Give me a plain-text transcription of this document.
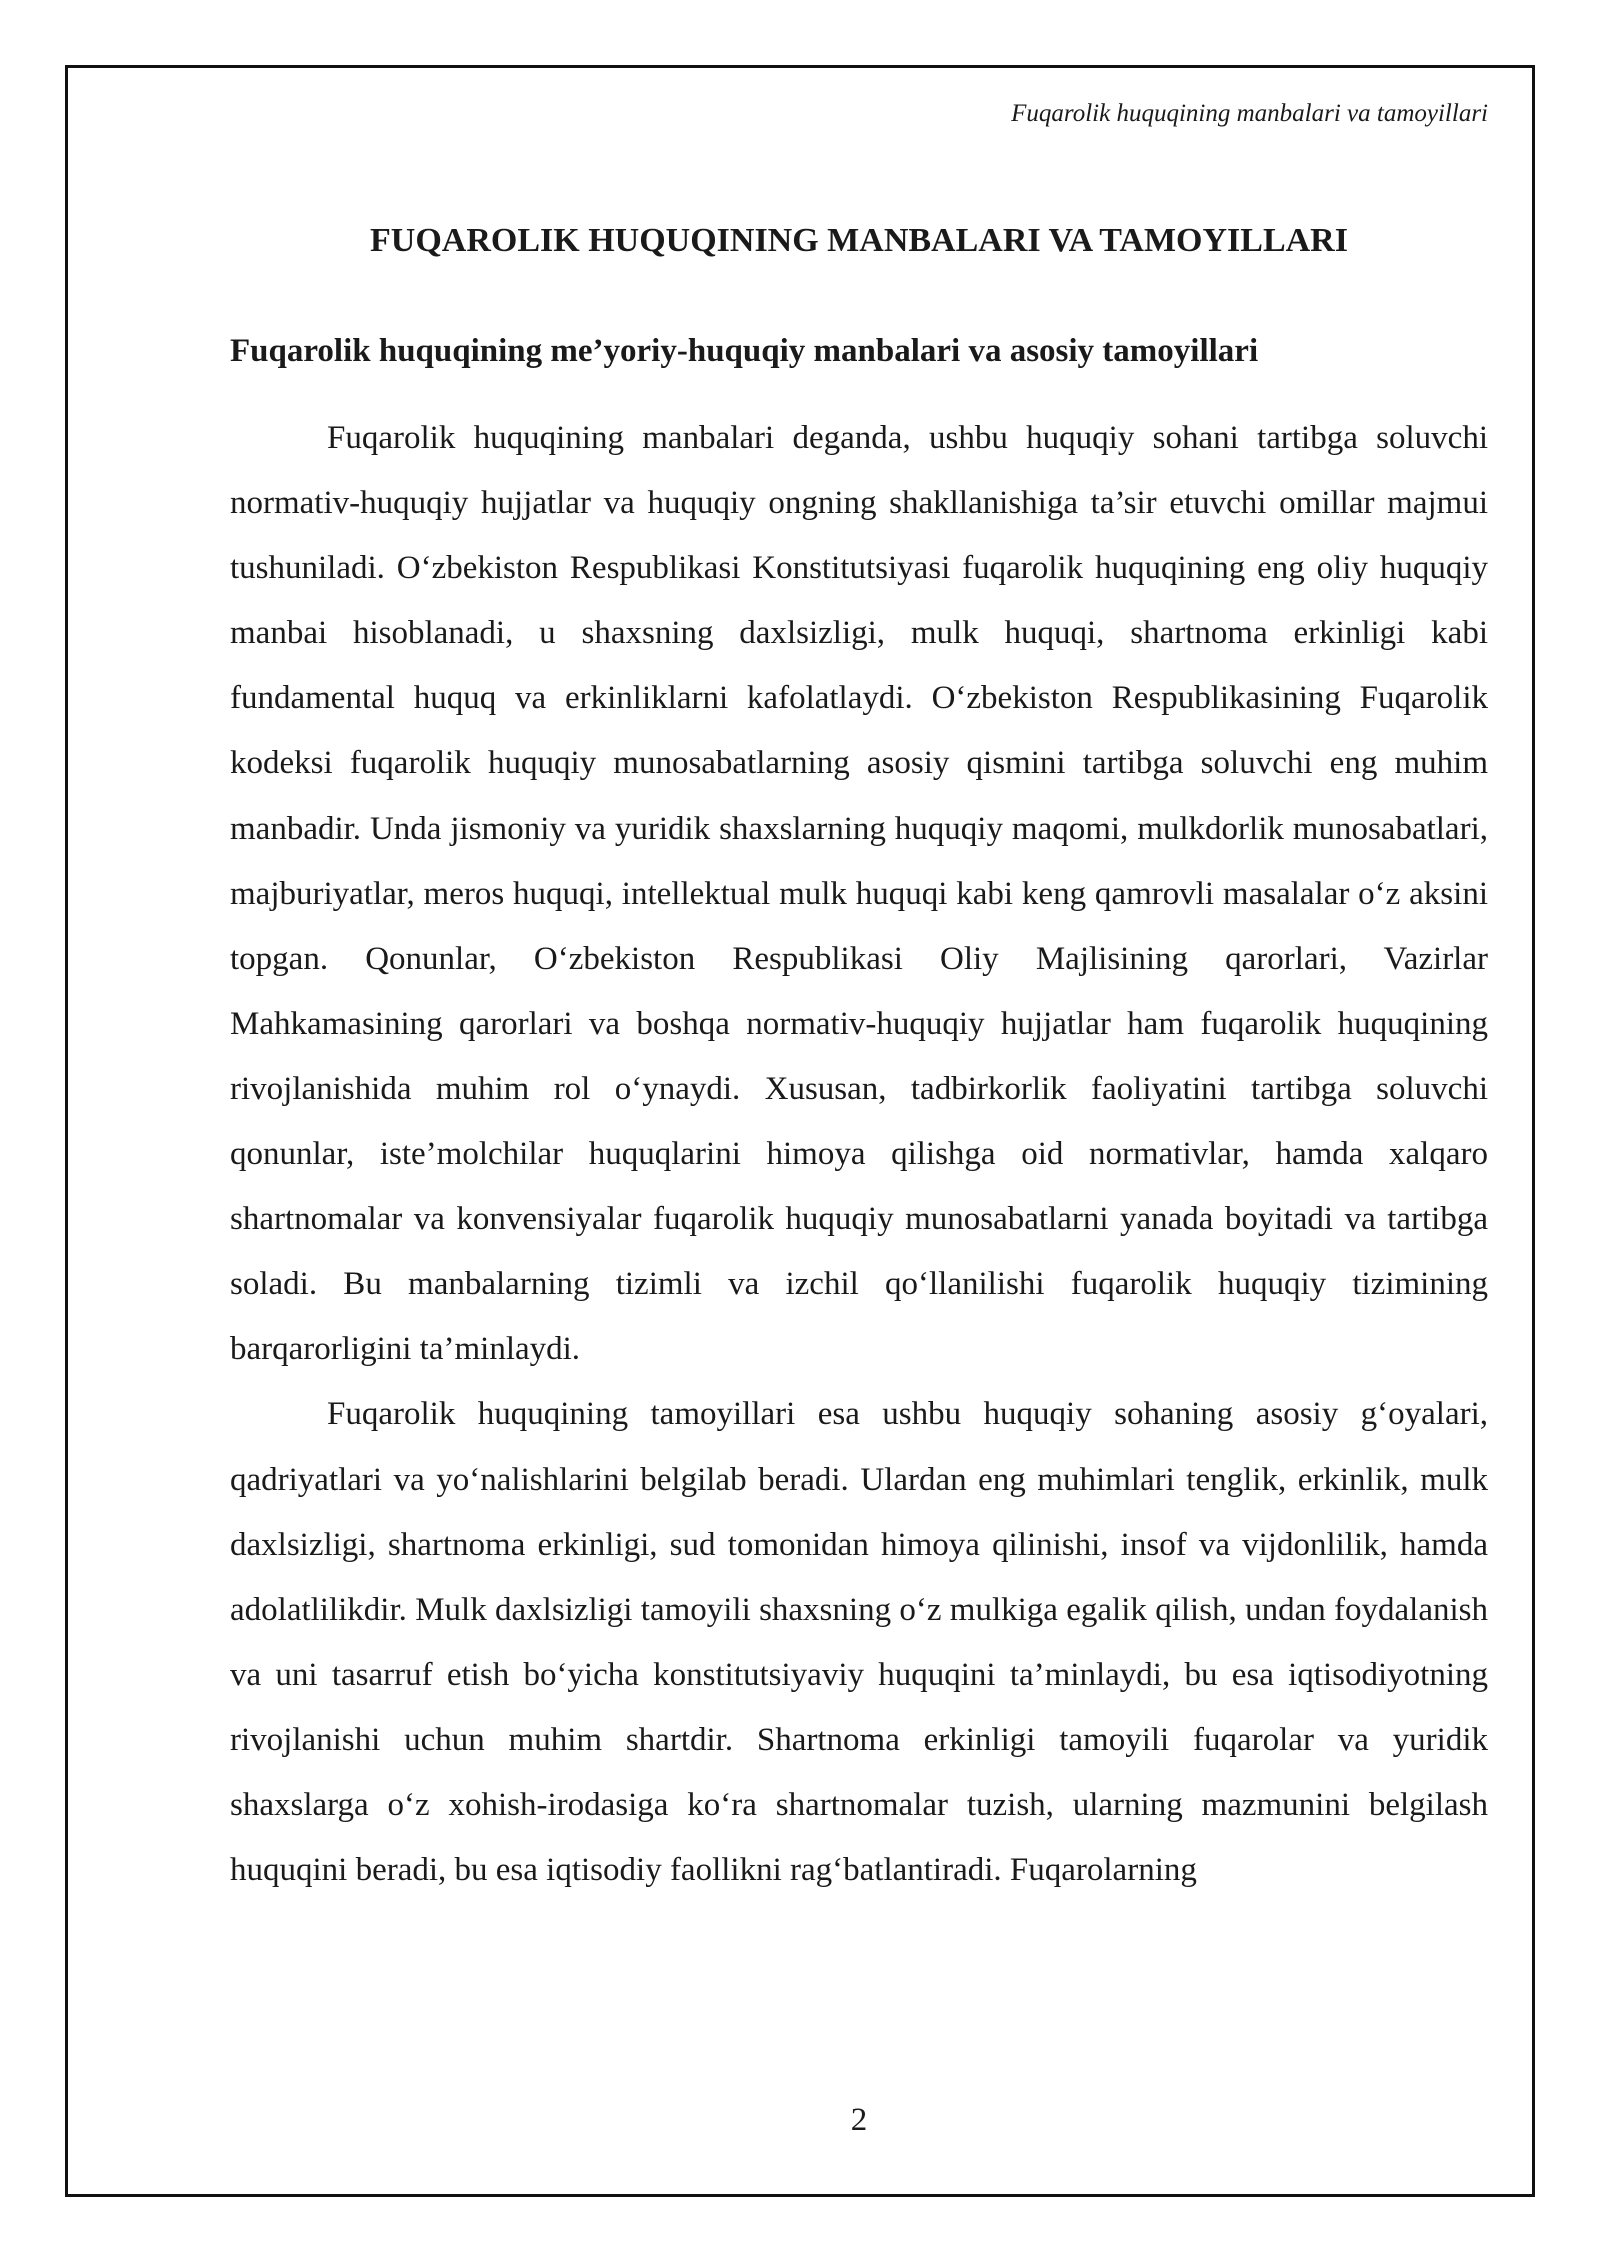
Fuqarolik huquqining manbalari va tamoyillari
FUQAROLIK HUQUQINING MANBALARI VA TAMOYILLARI
Fuqarolik huquqining me’yoriy-huquqiy manbalari va asosiy tamoyillari

Fuqarolik huquqining manbalari deganda, ushbu huquqiy sohani tartibga soluvchi normativ-huquqiy hujjatlar va huquqiy ongning shakllanishiga ta’sir etuvchi omillar majmui tushuniladi. O‘zbekiston Respublikasi Konstitutsiyasi fuqarolik huquqining eng oliy huquqiy manbai hisoblanadi, u shaxsning daxlsizligi, mulk huquqi, shartnoma erkinligi kabi fundamental huquq va erkinliklarni kafolatlaydi. O‘zbekiston Respublikasining Fuqarolik kodeksi fuqarolik huquqiy munosabatlarning asosiy qismini tartibga soluvchi eng muhim manbadir. Unda jismoniy va yuridik shaxslarning huquqiy maqomi, mulkdorlik munosabatlari, majburiyatlar, meros huquqi, intellektual mulk huquqi kabi keng qamrovli masalalar o‘z aksini topgan. Qonunlar, O‘zbekiston Respublikasi Oliy Majlisining qarorlari, Vazirlar Mahkamasining qarorlari va boshqa normativ-huquqiy hujjatlar ham fuqarolik huquqining rivojlanishida muhim rol o‘ynaydi. Xususan, tadbirkorlik faoliyatini tartibga soluvchi qonunlar, iste’molchilar huquqlarini himoya qilishga oid normativlar, hamda xalqaro shartnomalar va konvensiyalar fuqarolik huquqiy munosabatlarni yanada boyitadi va tartibga soladi. Bu manbalarning tizimli va izchil qo‘llanilishi fuqarolik huquqiy tizimining barqarorligini ta’minlaydi.

Fuqarolik huquqining tamoyillari esa ushbu huquqiy sohaning asosiy g‘oyalari, qadriyatlari va yo‘nalishlarini belgilab beradi. Ulardan eng muhimlari tenglik, erkinlik, mulk daxlsizligi, shartnoma erkinligi, sud tomonidan himoya qilinishi, insof va vijdonlilik, hamda adolatlilikdir. Mulk daxlsizligi tamoyili shaxsning o‘z mulkiga egalik qilish, undan foydalanish va uni tasarruf etish bo‘yicha konstitutsiyaviy huquqini ta’minlaydi, bu esa iqtisodiyotning rivojlanishi uchun muhim shartdir. Shartnoma erkinligi tamoyili fuqarolar va yuridik shaxslarga o‘z xohish-irodasiga ko‘ra shartnomalar tuzish, ularning mazmunini belgilash huquqini beradi, bu esa iqtisodiy faollikni rag‘batlantiradi. Fuqarolarning

2
